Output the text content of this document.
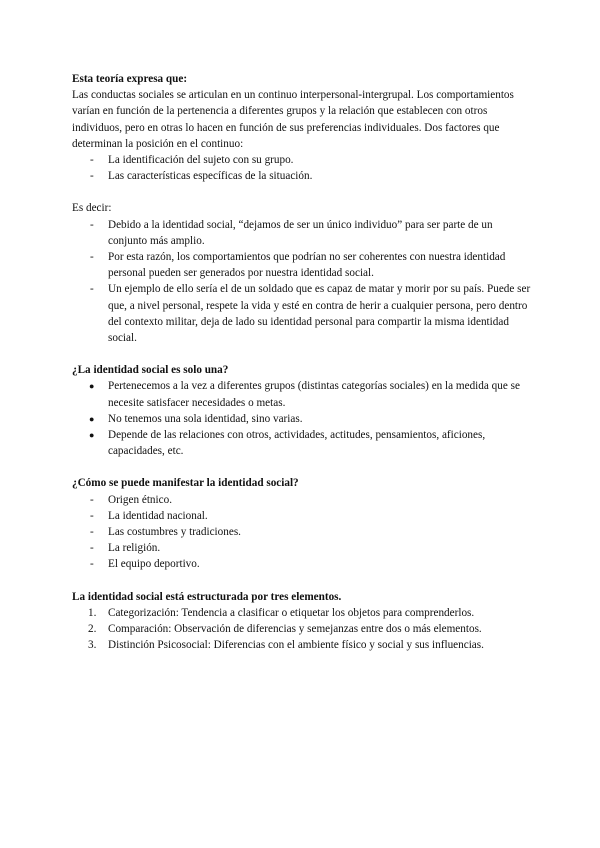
Esta teoría expresa que:

Las conductas sociales se articulan en un continuo interpersonal-intergrupal. Los comportamientos varían en función de la pertenencia a diferentes grupos y la relación que establecen con otros individuos, pero en otras lo hacen en función de sus preferencias individuales. Dos factores que determinan la posición en el continuo:

- La identificación del sujeto con su grupo.
- Las características específicas de la situación.

Es decir:

- Debido a la identidad social, “dejamos de ser un único individuo” para ser parte de un conjunto más amplio.
- Por esta razón, los comportamientos que podrían no ser coherentes con nuestra identidad personal pueden ser generados por nuestra identidad social.
- Un ejemplo de ello sería el de un soldado que es capaz de matar y morir por su país. Puede ser que, a nivel personal, respete la vida y esté en contra de herir a cualquier persona, pero dentro del contexto militar, deja de lado su identidad personal para compartir la misma identidad social.

¿La identidad social es solo una?

● Pertenecemos a la vez a diferentes grupos (distintas categorías sociales) en la medida que se necesite satisfacer necesidades o metas.
● No tenemos una sola identidad, sino varias.
● Depende de las relaciones con otros, actividades, actitudes, pensamientos, aficiones, capacidades, etc.

¿Cómo se puede manifestar la identidad social?

- Origen étnico.
- La identidad nacional.
- Las costumbres y tradiciones.
- La religión.
- El equipo deportivo.

La identidad social está estructurada por tres elementos.

1. Categorización: Tendencia a clasificar o etiquetar los objetos para comprenderlos.
2. Comparación: Observación de diferencias y semejanzas entre dos o más elementos.
3. Distinción Psicosocial: Diferencias con el ambiente físico y social y sus influencias.
